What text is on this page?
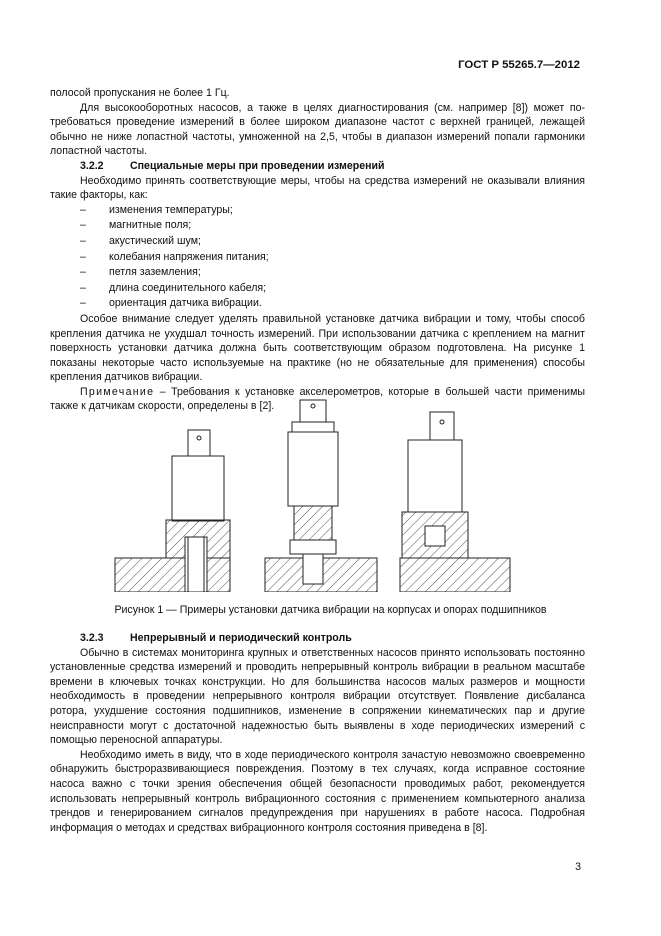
ГОСТ Р 55265.7—2012

полосой пропускания не более 1 Гц.

Для высокооборотных насосов, а также в целях диагностирования (см. например [8]) может потребоваться проведение измерений в более широком диапазоне частот с верхней границей, лежащей обычно не ниже лопастной частоты, умноженной на 2,5, чтобы в диапазон измерений попали гармоники лопастной частоты.

3.2.2 Специальные меры при проведении измерений

Необходимо принять соответствующие меры, чтобы на средства измерений не оказывали влияния такие факторы, как:

– изменения температуры;
– магнитные поля;
– акустический шум;
– колебания напряжения питания;
– петля заземления;
– длина соединительного кабеля;
– ориентация датчика вибрации.

Особое внимание следует уделять правильной установке датчика вибрации и тому, чтобы способ крепления датчика не ухудшал точность измерений. При использовании датчика с креплением на магнит поверхность установки датчика должна быть соответствующим образом подготовлена. На рисунке 1 показаны некоторые часто используемые на практике (но не обязательные для применения) способы крепления датчиков вибрации.

Примечание – Требования к установке акселерометров, которые в большей части применимы также к датчикам скорости, определены в [2].

Рисунок 1 — Примеры установки датчика вибрации на корпусах и опорах подшипников
3.2.3 Непрерывный и периодический контроль

Обычно в системах мониторинга крупных и ответственных насосов принято использовать постоянно установленные средства измерений и проводить непрерывный контроль вибрации в реальном масштабе времени в ключевых точках конструкции. Но для большинства насосов малых размеров и мощности необходимость в проведении непрерывного контроля вибрации отсутствует. Появление дисбаланса ротора, ухудшение состояния подшипников, изменение в сопряжении кинематических пар и другие неисправности могут с достаточной надежностью быть выявлены в ходе периодических измерений с помощью переносной аппаратуры.

Необходимо иметь в виду, что в ходе периодического контроля зачастую невозможно своевременно обнаружить быстроразвивающиеся повреждения. Поэтому в тех случаях, когда исправное состояние насоса важно с точки зрения обеспечения общей безопасности проводимых работ, рекомендуется использовать непрерывный контроль вибрационного состояния с применением компьютерного анализа трендов и генерированием сигналов предупреждения при нарушениях в работе насоса. Подробная информация о методах и средствах вибрационного контроля состояния приведена в [8].

3
